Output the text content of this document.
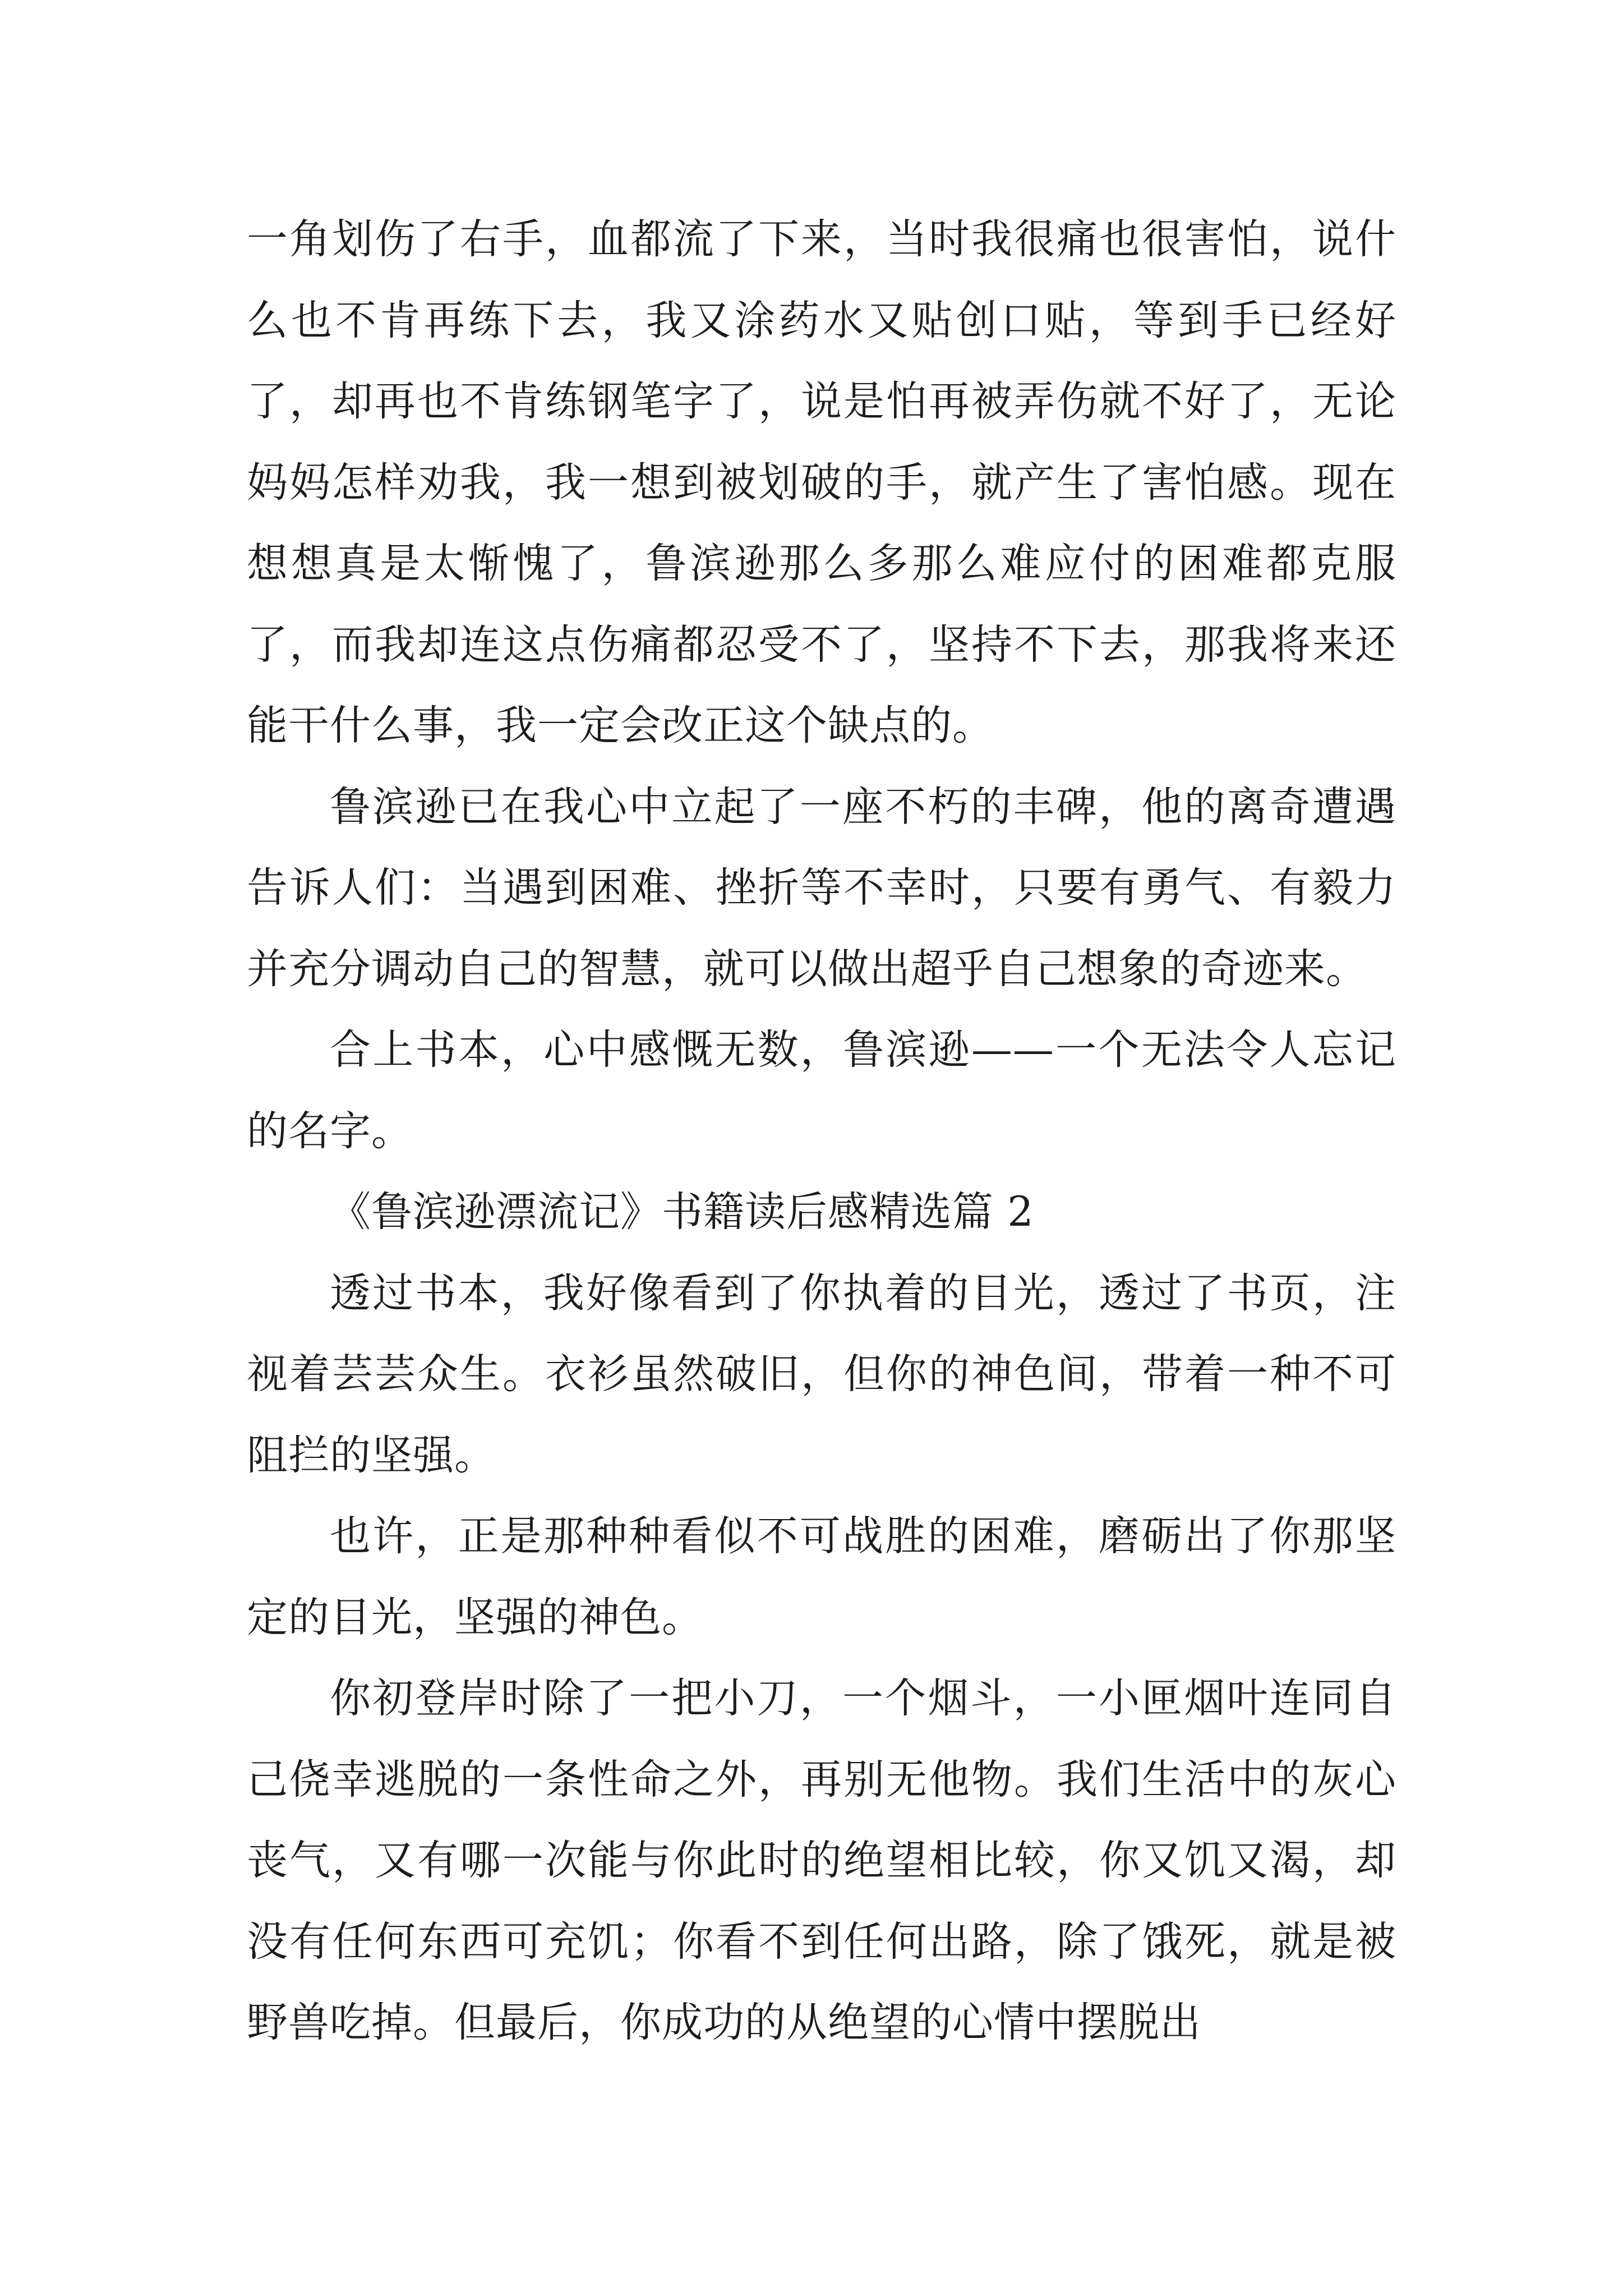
一角划伤了右手，血都流了下来，当时我很痛也很害怕，说什么也不肯再练下去，我又涂药水又贴创口贴，等到手已经好了，却再也不肯练钢笔字了，说是怕再被弄伤就不好了，无论妈妈怎样劝我，我一想到被划破的手，就产生了害怕感。现在想想真是太惭愧了，鲁滨逊那么多那么难应付的困难都克服了，而我却连这点伤痛都忍受不了，坚持不下去，那我将来还能干什么事，我一定会改正这个缺点的。

鲁滨逊已在我心中立起了一座不朽的丰碑，他的离奇遭遇告诉人们：当遇到困难、挫折等不幸时，只要有勇气、有毅力并充分调动自己的智慧，就可以做出超乎自己想象的奇迹来。

合上书本，心中感慨无数，鲁滨逊——一个无法令人忘记的名字。

《鲁滨逊漂流记》书籍读后感精选篇 2

透过书本，我好像看到了你执着的目光，透过了书页，注视着芸芸众生。衣衫虽然破旧，但你的神色间，带着一种不可阻拦的坚强。

也许，正是那种种看似不可战胜的困难，磨砺出了你那坚定的目光，坚强的神色。

你初登岸时除了一把小刀，一个烟斗，一小匣烟叶连同自己侥幸逃脱的一条性命之外，再别无他物。我们生活中的灰心丧气，又有哪一次能与你此时的绝望相比较，你又饥又渴，却没有任何东西可充饥；你看不到任何出路，除了饿死，就是被野兽吃掉。但最后，你成功的从绝望的心情中摆脱出
